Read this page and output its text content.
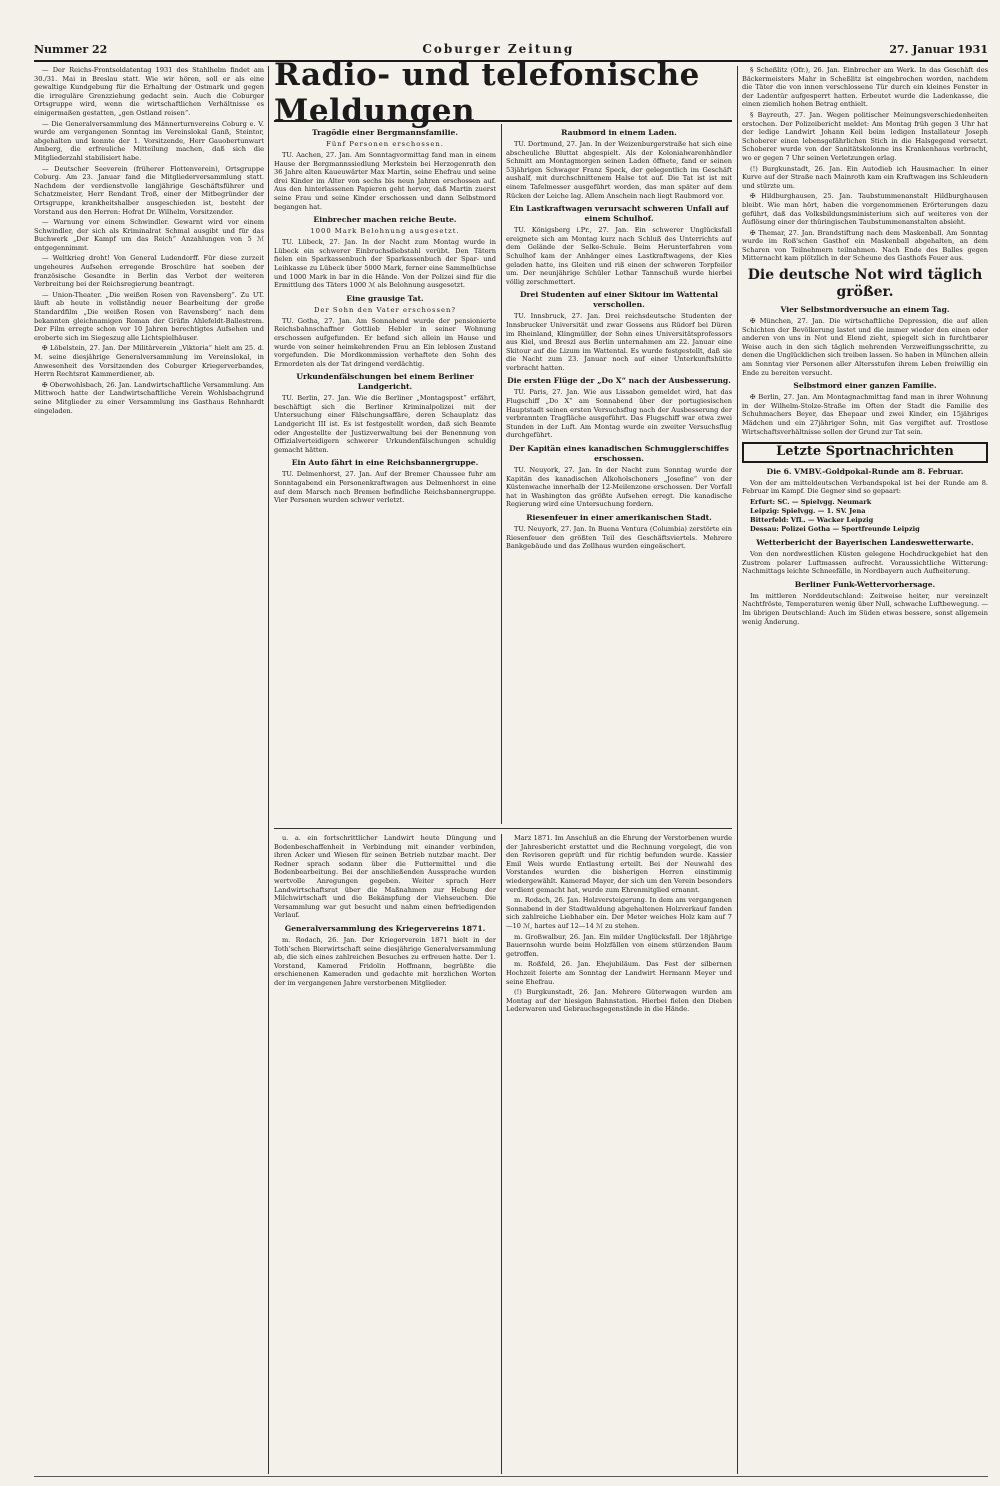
Nummer 22	Coburger Zeitung	27. Januar 1931

— Der Reichs-Frontsoldatentag 1931 des Stahlhelm findet am 30./31. Mai in Breslau statt. Wie wir hören, soll er als eine gewaltige Kundgebung für die Erhaltung der Ostmark und gegen die irreguläre Grenzziehung gedacht sein. Auch die Coburger Ortsgruppe wird, wenn die wirtschaftlichen Verhältnisse es einigermaßen gestatten, „gen Ostland reisen“.

— Die Generalversammlung des Männerturnvereins Coburg e. V. wurde am vergangenen Sonntag im Vereinslokal Ganß, Steintor, abgehalten und konnte der 1. Vorsitzende, Herr Gauobertunwart Amberg, die erfreuliche Mitteilung machen, daß sich die Mitgliederzahl stabilisiert habe.

— Deutscher Seeverein (früherer Flottenverein), Ortsgruppe Coburg. Am 23. Januar fand die Mitgliederversammlung statt. Nachdem der verdienstvolle langjährige Geschäftsführer und Schatzmeister, Herr Rendant Troß, einer der Mitbegründer der Ortsgruppe, krankheitshalber ausgeschieden ist, besteht der Vorstand aus den Herren: Hofrat Dr. Wilhelm, Vorsitzender.

— Warnung vor einem Schwindler. Gewarnt wird vor einem Schwindler, der sich als Kriminalrat Schmal ausgibt und für das Buchwerk „Der Kampf um das Reich“ Anzahlungen von 5 ℳ entgegennimmt.

— Weltkrieg droht! Von General Ludendorff. Für diese zurzeit ungeheures Aufsehen erregende Broschüre hat soeben der französische Gesandte in Berlin das Verbot der weiteren Verbreitung bei der Reichsregierung beantragt.

— Union-Theater. „Die weißen Rosen von Ravensberg“. Zu UT. läuft ab heute in vollständig neuer Bearbeitung der große Standardfilm „Die weißen Rosen von Ravensberg“ nach dem bekannten gleichnamigen Roman der Gräfin Ahlefeldt-Ballestrem. Der Film erregte schon vor 10 Jahren berechtigtes Aufsehen und eroberte sich im Siegeszug alle Lichtspielhäuser.

✠ Löbelstein, 27. Jan. Der Militärverein „Viktoria“ hielt am 25. d. M. seine diesjährige Generalversammlung im Vereinslokal, in Anwesenheit des Vorsitzenden des Coburger Kriegerverbandes, Herrn Rechtsrat Kammerdiener, ab.

✠ Oberwohlsbach, 26. Jan. Landwirtschaftliche Versammlung. Am Mittwoch hatte der Landwirtschaftliche Verein Wohlsbachgrund seine Mitglieder zu einer Versammlung ins Gasthaus Rehnhardt eingeladen.

Radio- und telefonische Meldungen
Tragödie einer Bergmannsfamilie.
Fünf Personen erschossen.

TU. Aachen, 27. Jan. Am Sonntagvormittag fand man in einem Hause der Bergmannssiedlung Merkstein bei Herzogenrath den 36 Jahre alten Kaueuwärter Max Martin, seine Ehefrau und seine drei Kinder im Alter von sechs bis neun Jahren erschossen auf. Aus den hinterlassenen Papieren geht hervor, daß Martin zuerst seine Frau und seine Kinder erschossen und dann Selbstmord begangen hat.

Einbrecher machen reiche Beute.
1000 Mark Belohnung ausgesetzt.

TU. Lübeck, 27. Jan. In der Nacht zum Montag wurde in Lübeck ein schwerer Einbruchsdiebstahl verübt. Den Tätern fielen ein Sparkassenbuch der Sparkassenbuch der Spar- und Leihkasse zu Lübeck über 5000 Mark, ferner eine Sammelbüchse und 1000 Mark in bar in die Hände. Von der Polizei sind für die Ermittlung des Täters 1000 ℳ als Belohnung ausgesetzt.

Eine grausige Tat.
Der Sohn den Vater erschossen?

TU. Gotha, 27. Jan. Am Sonnabend wurde der pensionierte Reichsbahnschaffner Gottlieb Hebler in seiner Wohnung erschossen aufgefunden. Er befand sich allein im Hause und wurde von seiner heimkehrenden Frau an Ein leblosen Zustand vorgefunden. Die Mordkommission verhaftete den Sohn des Ermordeten als der Tat dringend verdächtig.

Urkundenfälschungen bei einem Berliner Landgericht.

TU. Berlin, 27. Jan. Wie die Berliner „Montagspost“ erfährt, beschäftigt sich die Berliner Kriminalpolizei mit der Untersuchung einer Fälschungsaffäre, deren Schauplatz das Landgericht III ist. Es ist festgestellt worden, daß sich Beamte oder Angestellte der Justizverwaltung bei der Benennung von Offizialverteidigern schwerer Urkundenfälschungen schuldig gemacht hätten.

Ein Auto fährt in eine Reichsbannergruppe.

TU. Delmenhorst, 27. Jan. Auf der Bremer Chaussee fuhr am Sonntagabend ein Personenkraftwagen aus Delmenhorst in eine auf dem Marsch nach Bremen befindliche Reichsbannergruppe. Vier Personen wurden schwer verletzt.

Raubmord in einem Laden.

TU. Dortmund, 27. Jan. In der Weizenburgerstraße hat sich eine abscheuliche Bluttat abgespielt. Als der Kolonialwarenhändler Schmitt am Montagmorgen seinen Laden öffnete, fand er seinen 53jährigen Schwager Franz Speck, der gelegentlich im Geschäft aushalf, mit durchschnittenem Halse tot auf. Die Tat ist ist mit einem Tafelmesser ausgeführt worden, das man später auf dem Rücken der Leiche lag. Allem Anschein nach liegt Raubmord vor.

Ein Lastkraftwagen verursacht schweren Unfall auf einem Schulhof.

TU. Königsberg i.Pr., 27. Jan. Ein schwerer Unglücksfall ereignete sich am Montag kurz nach Schluß des Unterrichts auf dem Gelände der Selke-Schule. Beim Herunterfahren vom Schulhof kam der Anhänger eines Lastkraftwagens, der Kies geladen hatte, ins Gleiten und riß einen der schweren Torpfeiler um. Der neunjährige Schüler Lothar Tannschuß wurde hierbei völlig zerschmettert.

Drei Studenten auf einer Skitour im Wattental verschollen.

TU. Innsbruck, 27. Jan. Drei reichsdeutsche Studenten der Innsbrucker Universität und zwar Gossens aus Rüdorf bei Düren im Rheinland, Klingmüller, der Sohn eines Universitätsprofessors aus Kiel, und Breszl aus Berlin unternahmen am 22. Januar eine Skitour auf die Lizum im Wattental. Es wurde festgestellt, daß sie die Nacht zum 23. Januar noch auf einer Unterkunftshütte verbracht hatten.

Die ersten Flüge der „Do X“ nach der Ausbesserung.

TU. Paris, 27. Jan. Wie aus Lissabon gemeldet wird, hat das Flugschiff „Do X“ am Sonnabend über der portugiesischen Hauptstadt seinen ersten Versuchsflug nach der Ausbesserung der verbrannten Tragfläche ausgeführt. Das Flugschiff war etwa zwei Stunden in der Luft. Am Montag wurde ein zweiter Versuchsflug durchgeführt.

Der Kapitän eines kanadischen Schmugglerschiffes erschossen.

TU. Neuyork, 27. Jan. In der Nacht zum Sonntag wurde der Kapitän des kanadischen Alkoholschoners „Josefine“ von der Küstenwache innerhalb der 12-Meilenzone erschossen. Der Vorfall hat in Washington das größte Aufsehen erregt. Die kanadische Regierung wird eine Untersuchung fordern.

Riesenfeuer in einer amerikanischen Stadt.

TU. Neuyork, 27. Jan. In Buena Ventura (Columbia) zerstörte ein Riesenfeuer den größten Teil des Geschäftsviertels. Mehrere Bankgebäude und das Zollhaus wurden eingeäschert.

u. a. ein fortschrittlicher Landwirt heute Düngung und Bodenbeschaffenheit in Verbindung mit einander verbinden, ihren Acker und Wiesen für seinen Betrieb nutzbar macht. Der Redner sprach sodann über die Futtermittel und die Bodenbearbeitung. Bei der anschließenden Aussprache wurden wertvolle Anregungen gegeben. Weiter sprach Herr Landwirtschaftsrat über die Maßnahmen zur Hebung der Milchwirtschaft und die Bekämpfung der Viehseuchen. Die Versammlung war gut besucht und nahm einen befriedigenden Verlauf.

Generalversammlung des Kriegervereins 1871.

m. Rodach, 26. Jan. Der Kriegerverein 1871 hielt in der Toth'schen Bierwirtschaft seine diesjährige Generalversammlung ab, die sich eines zahlreichen Besuches zu erfreuen hatte. Der 1. Vorstand, Kamerad Fridolin Hoffmann, begrüßte die erschienenen Kameraden und gedachte mit herzlichen Worten der im vergangenen Jahre verstorbenen Mitglieder.

Marz 1871. Im Anschluß an die Ehrung der Verstorbenen wurde der Jahresbericht erstattet und die Rechnung vorgelegt, die von den Revisoren geprüft und für richtig befunden wurde. Kassier Emil Weis wurde Entlastung erteilt. Bei der Neuwahl des Vorstandes wurden die bisherigen Herren einstimmig wiedergewählt. Kamerad Mayer, der sich um den Verein besonders verdient gemacht hat, wurde zum Ehrenmitglied ernannt.

m. Rodach, 26. Jan. Holzversteigerung. In dem am vergangenen Sonnabend in der Stadtwaldung abgehaltenen Holzverkauf fanden sich zahlreiche Liebhaber ein. Der Meter weiches Holz kam auf 7—10 ℳ, hartes auf 12—14 ℳ zu stehen.

m. Großwalbur, 26. Jan. Ein milder Unglücksfall. Der 18jährige Bauernsohn wurde beim Holzfällen von einem stürzenden Baum getroffen.

m. Roßfeld, 26. Jan. Ehejubiläum. Das Fest der silbernen Hochzeit feierte am Sonntag der Landwirt Hermann Meyer und seine Ehefrau.

(!) Burgkunstadt, 26. Jan. Mehrere Güterwagen wurden am Montag auf der hiesigen Bahnstation. Hierbei fielen den Dieben Lederwaren und Gebrauchsgegenstände in die Hände.

§ Scheßlitz (Ofr.), 26. Jan. Einbrecher am Werk. In das Geschäft des Bäckermeisters Mahr in Scheßlitz ist eingebrochen worden, nachdem die Täter die von innen verschlossene Tür durch ein kleines Fenster in der Ladentür aufgesperrt hatten. Erbeutet wurde die Ladenkasse, die einen ziemlich hohen Betrag enthielt.

§ Bayreuth, 27. Jan. Wegen politischer Meinungsverschiedenheiten erstochen. Der Polizeibericht meldet: Am Montag früh gegen 3 Uhr hat der ledige Landwirt Johann Keil beim ledigen Installateur Joseph Schoberer einen lebensgefährlichen Stich in die Halsgegend versetzt. Schoberer wurde von der Sanitätskolonne ins Krankenhaus verbracht, wo er gegen 7 Uhr seinen Verletzungen erlag.

(!) Burgkunstadt, 26. Jan. Ein Autodieb ich Hausmacher. In einer Kurve auf der Straße nach Mainroth kam ein Kraftwagen ins Schleudern und stürzte um.

✠ Hildburghausen, 25. Jan. Taubstummenanstalt Hildburghausen bleibt. Wie man hört, haben die vorgenommenen Erörterungen dazu geführt, daß das Volksbildungsministerium sich auf weiteres von der Auflösung einer der thüringischen Taubstummenanstalten absieht.

✠ Themar, 27. Jan. Brandstiftung nach dem Maskenball. Am Sonntag wurde im Roß'schen Gasthof ein Maskenball abgehalten, an dem Scharen von Teilnehmern teilnahmen. Nach Ende des Balles gegen Mitternacht kam plötzlich in der Scheune des Gasthofs Feuer aus.

Die deutsche Not wird täglich größer.
Vier Selbstmordversuche an einem Tag.

✠ München, 27. Jan. Die wirtschaftliche Depression, die auf allen Schichten der Bevölkerung lastet und die immer wieder den einen oder anderen von uns in Not und Elend zieht, spiegelt sich in furchtbarer Weise auch in den sich täglich mehrenden Verzweiflungsschritte, zu denen die Unglücklichen sich treiben lassen. So haben in München allein am Sonntag vier Personen aller Altersstufen ihrem Leben freiwillig ein Ende zu bereiten versucht.

Selbstmord einer ganzen Familie.

✠ Berlin, 27. Jan. Am Montagnachmittag fand man in ihrer Wohnung in der Wilhelm-Stolze-Straße im Often der Stadt die Familie des Schuhmachers Beyer, das Ehepaar und zwei Kinder, ein 15jähriges Mädchen und ein 27jähriger Sohn, mit Gas vergiftet auf. Trostlose Wirtschaftsverhältnisse sollen der Grund zur Tat sein.

Letzte Sportnachrichten
Die 6. VMBV.-Goldpokal-Runde am 8. Februar.

Von der am mitteldeutschen Verbandspokal ist bei der Runde am 8. Februar im Kampf. Die Gegner sind so gepaart:

Erfurt: SC. — Spielvgg. Neumark
Leipzig: Spielvgg. — 1. SV. Jena
Bitterfeld: VfL. — Wacker Leipzig
Dessau: Polizei Gotha — Sportfreunde Leipzig
Wetterbericht der Bayerischen Landeswetterwarte.

Von den nordwestlichen Küsten gelegene Hochdruckgebiet hat den Zustrom polarer Luftmassen aufrecht. Voraussichtliche Witterung: Nachmittags leichte Schneefälle, in Nordbayern auch Aufheiterung.

Berliner Funk-Wettervorhersage.

Im mittleren Norddeutschland: Zeitweise heiter, nur vereinzelt Nachtfröste, Temperaturen wenig über Null, schwache Luftbewegung. — Im übrigen Deutschland: Auch im Süden etwas bessere, sonst allgemein wenig Änderung.
